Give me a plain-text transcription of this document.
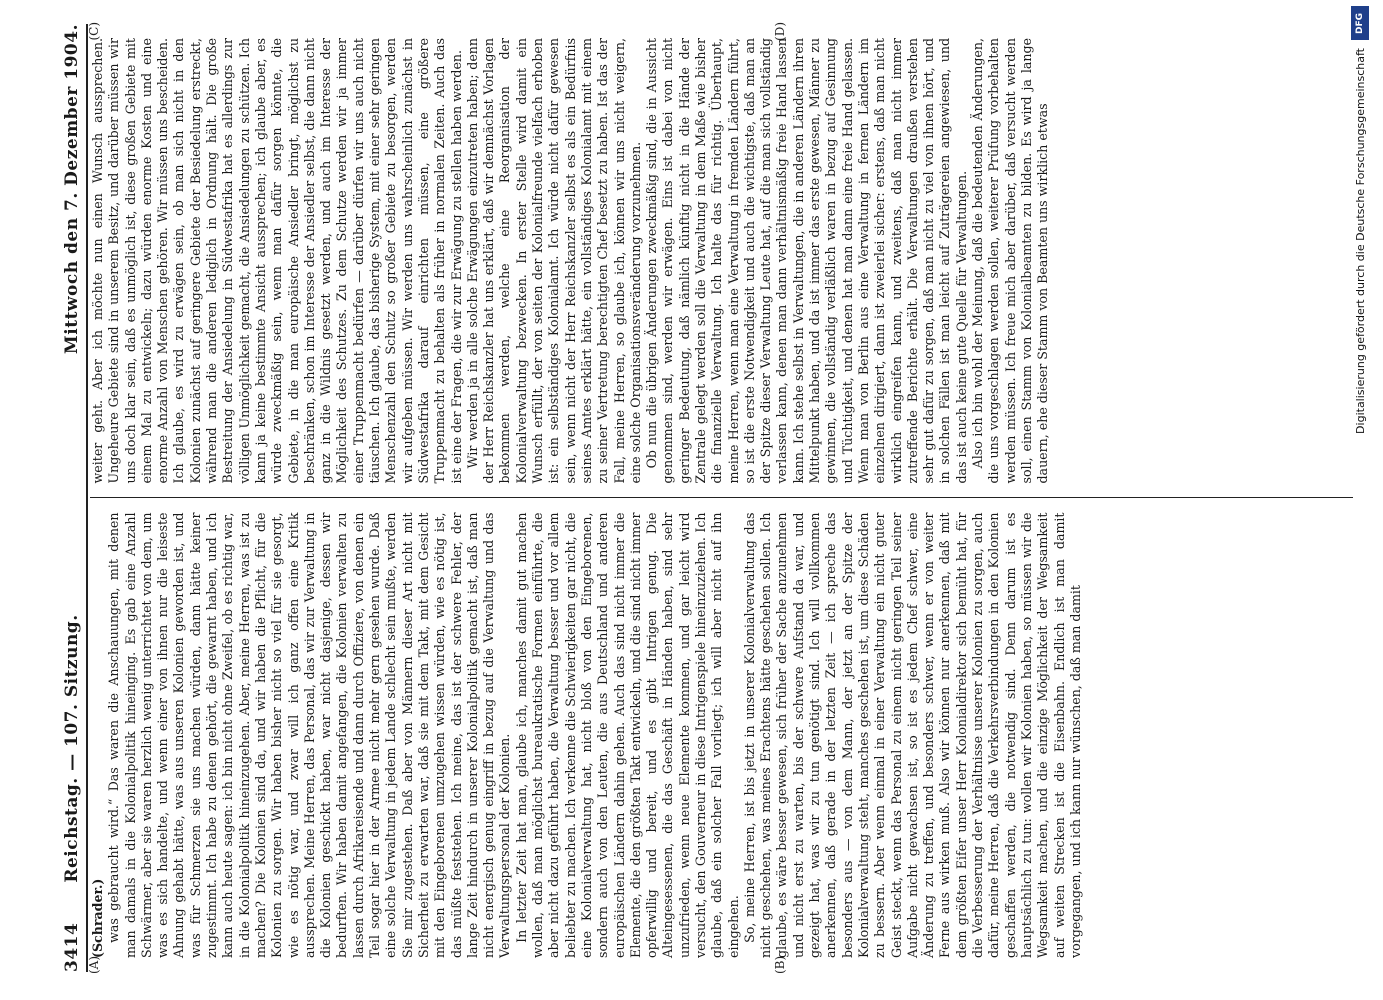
3414
Reichstag. — 107. Sitzung.
Mittwoch den 7. Dezember 1904.
(A)	(B)

(Schrader.) was gebraucht wird.“ Das waren die Anschauungen, mit denen man damals in die Kolonialpolitik hineinging. Es gab eine Anzahl Schwärmer, aber sie waren herzlich wenig unterrichtet von dem, um was es sich handelte, und wenn einer von ihnen nur die leiseste Ahnung gehabt hätte, was aus unseren Kolonien geworden ist, und was für Schmerzen sie uns machen würden, dann hätte keiner zugestimmt. Ich habe zu denen gehört, die gewarnt haben, und ich kann auch heute sagen: ich bin nicht ohne Zweifel, ob es richtig war, in die Kolonialpolitik hineinzugehen. Aber, meine Herren, was ist zu machen? Die Kolonien sind da, und wir haben die Pflicht, für die Kolonien zu sorgen. Wir haben bisher nicht so viel für sie gesorgt, wie es nötig war, und zwar will ich ganz offen eine Kritik aussprechen. Meine Herren, das Personal, das wir zur Verwaltung in die Kolonien geschickt haben, war nicht dasjenige, dessen wir bedurften. Wir haben damit angefangen, die Kolonien verwalten zu lassen durch Afrikareisende und dann durch Offiziere, von denen ein Teil sogar hier in der Armee nicht mehr gern gesehen wurde. Daß eine solche Verwaltung in jedem Lande schlecht sein mußte, werden Sie mir zugestehen. Daß aber von Männern dieser Art nicht mit Sicherheit zu erwarten war, daß sie mit dem Takt, mit dem Gesicht mit den Eingeborenen umzugehen wissen würden, wie es nötig ist, das müßte feststehen. Ich meine, das ist der schwere Fehler, der lange Zeit hindurch in unserer Kolonialpolitik gemacht ist, daß man nicht energisch genug eingriff in bezug auf die Verwaltung und das Verwaltungspersonal der Kolonien. In letzter Zeit hat man, glaube ich, manches damit gut machen wollen, daß man möglichst bureaukratische Formen einführte, die aber nicht dazu geführt haben, die Verwaltung besser und vor allem beliebter zu machen. Ich verkenne die Schwierigkeiten gar nicht, die eine Kolonialverwaltung hat, nicht bloß von den Eingeborenen, sondern auch von den Leuten, die aus Deutschland und anderen europäischen Ländern dahin gehen. Auch das sind nicht immer die Elemente, die den größten Takt entwickeln, und die sind nicht immer opferwillig und bereit, und es gibt Intrigen genug. Die Alteingesessenen, die das Geschäft in Händen haben, sind sehr unzufrieden, wenn neue Elemente kommen, und gar leicht wird versucht, den Gouverneur in diese Intrigenspiele hineinzuziehen. Ich glaube, daß ein solcher Fall vorliegt; ich will aber nicht auf ihn eingehen. So, meine Herren, ist bis jetzt in unserer Kolonialverwaltung das nicht geschehen, was meines Erachtens hätte geschehen sollen. Ich glaube, es wäre besser gewesen, sich früher der Sache anzunehmen und nicht erst zu warten, bis der schwere Aufstand da war, und gezeigt hat, was wir zu tun genötigt sind. Ich will vollkommen anerkennen, daß gerade in der letzten Zeit — ich spreche das besonders aus — von dem Mann, der jetzt an der Spitze der Kolonialverwaltung steht, manches geschehen ist, um diese Schäden zu bessern. Aber wenn einmal in einer Verwaltung ein nicht guter Geist steckt, wenn das Personal zu einem nicht geringen Teil seiner Aufgabe nicht gewachsen ist, so ist es jedem Chef schwer, eine Änderung zu treffen, und besonders schwer, wenn er von weiter Ferne aus wirken muß. Also wir können nur anerkennen, daß mit dem größten Eifer unser Herr Kolonialdirektor sich bemüht hat, für die Verbesserung der Verhältnisse unserer Kolonien zu sorgen, auch dafür, meine Herren, daß die Verkehrsverbindungen in den Kolonien geschaffen werden, die notwendig sind. Denn darum ist es hauptsächlich zu tun: wollen wir Kolonien haben, so müssen wir die Wegsamkeit machen, und die einzige Möglichkeit der Wegsamkeit auf weiten Strecken ist die Eisenbahn. Endlich ist man damit vorgegangen, und ich kann nur wünschen, daß man damit

(C)	(D)

weiter geht. Aber ich möchte nun einen Wunsch aussprechen. Ungeheure Gebiete sind in unserem Besitz, und darüber müssen wir uns doch klar sein, daß es unmöglich ist, diese großen Gebiete mit einem Mal zu entwickeln; dazu würden enorme Kosten und eine enorme Anzahl von Menschen gehören. Wir müssen uns bescheiden. Ich glaube, es wird zu erwägen sein, ob man sich nicht in den Kolonien zunächst auf geringere Gebiete der Besiedelung erstreckt, während man die anderen lediglich in Ordnung hält. Die große Bestreitung der Ansiedelung in Südwestafrika hat es allerdings zur völligen Unmöglichkeit gemacht, die Ansiedelungen zu schützen. Ich kann ja keine bestimmte Ansicht aussprechen; ich glaube aber, es würde zweckmäßig sein, wenn man dafür sorgen könnte, die Gebiete, in die man europäische Ansiedler bringt, möglichst zu beschränken, schon im Interesse der Ansiedler selbst, die dann nicht ganz in die Wildnis gesetzt werden, und auch im Interesse der Möglichkeit des Schutzes. Zu dem Schutze werden wir ja immer einer Truppenmacht bedürfen — darüber dürfen wir uns auch nicht täuschen. Ich glaube, das bisherige System, mit einer sehr geringen Menschenzahl den Schutz so großer Gebiete zu besorgen, werden wir aufgeben müssen. Wir werden uns wahrscheinlich zunächst in Südwestafrika darauf einrichten müssen, eine größere Truppenmacht zu behalten als früher in normalen Zeiten. Auch das ist eine der Fragen, die wir zur Erwägung zu stellen haben werden. Wir werden ja in alle solche Erwägungen einzutreten haben; denn der Herr Reichskanzler hat uns erklärt, daß wir demnächst Vorlagen bekommen werden, welche eine Reorganisation der Kolonialverwaltung bezwecken. In erster Stelle wird damit ein Wunsch erfüllt, der von seiten der Kolonialfreunde vielfach erhoben ist: ein selbständiges Kolonialamt. Ich würde nicht dafür gewesen sein, wenn nicht der Herr Reichskanzler selbst es als ein Bedürfnis seines Amtes erklärt hätte, ein vollständiges Kolonialamt mit einem zu seiner Vertretung berechtigten Chef besetzt zu haben. Ist das der Fall, meine Herren, so glaube ich, können wir uns nicht weigern, eine solche Organisationsveränderung vorzunehmen. Ob nun die übrigen Änderungen zweckmäßig sind, die in Aussicht genommen sind, werden wir erwägen. Eins ist dabei von nicht geringer Bedeutung, daß nämlich künftig nicht in die Hände der Zentrale gelegt werden soll die Verwaltung in dem Maße wie bisher die finanzielle Verwaltung. Ich halte das für richtig. Überhaupt, meine Herren, wenn man eine Verwaltung in fremden Ländern führt, so ist die erste Notwendigkeit und auch die wichtigste, daß man an der Spitze dieser Verwaltung Leute hat, auf die man sich vollständig verlassen kann, denen man dann verhältnismäßig freie Hand lassen kann. Ich stehe selbst in Verwaltungen, die in anderen Ländern ihren Mittelpunkt haben, und da ist immer das erste gewesen, Männer zu gewinnen, die vollständig verläßlich waren in bezug auf Gesinnung und Tüchtigkeit, und denen hat man dann eine freie Hand gelassen. Wenn man von Berlin aus eine Verwaltung in fernen Ländern im einzelnen dirigiert, dann ist zweierlei sicher: erstens, daß man nicht wirklich eingreifen kann, und zweitens, daß man nicht immer zutreffende Berichte erhält. Die Verwaltungen draußen verstehen sehr gut dafür zu sorgen, daß man nicht zu viel von ihnen hört, und in solchen Fällen ist man leicht auf Zuträgereien angewiesen, und das ist auch keine gute Quelle für Verwaltungen. Also ich bin wohl der Meinung, daß die bedeutenden Änderungen, die uns vorgeschlagen werden sollen, weiterer Prüfung vorbehalten werden müssen. Ich freue mich aber darüber, daß versucht werden soll, einen Stamm von Kolonialbeamten zu bilden. Es wird ja lange dauern, ehe dieser Stamm von Beamten uns wirklich etwas

DFG
Digitalisierung gefördert durch die Deutsche Forschungsgemeinschaft
